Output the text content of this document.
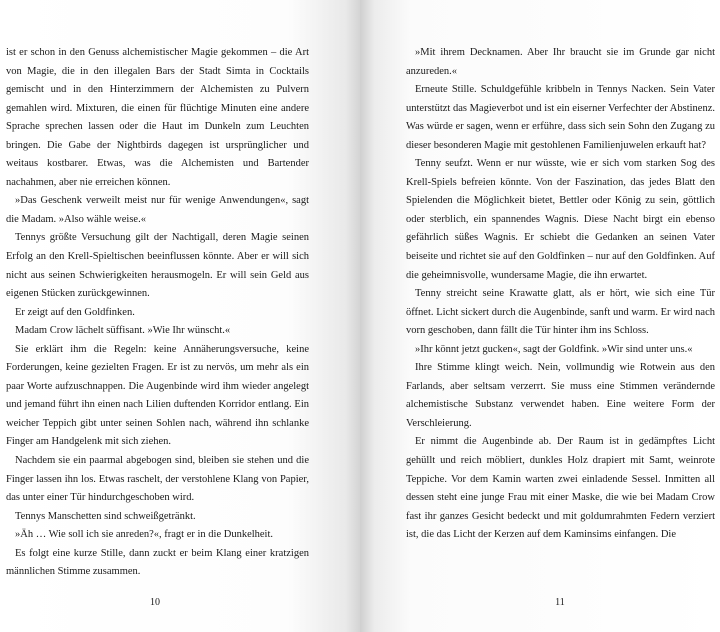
ist er schon in den Genuss alchemistischer Magie gekommen – die Art von Magie, die in den illegalen Bars der Stadt Simta in Cocktails gemischt und in den Hinterzimmern der Alchemisten zu Pulvern gemahlen wird. Mixturen, die einen für flüchtige Minuten eine andere Sprache sprechen lassen oder die Haut im Dunkeln zum Leuchten bringen. Die Gabe der Nightbirds dagegen ist ursprünglicher und weitaus kostbarer. Etwas, was die Alchemisten und Bartender nachahmen, aber nie erreichen können.

»Das Geschenk verweilt meist nur für wenige Anwendungen«, sagt die Madam. »Also wähle weise.«

Tennys größte Versuchung gilt der Nachtigall, deren Magie seinen Erfolg an den Krell-Spieltischen beeinflussen könnte. Aber er will sich nicht aus seinen Schwierigkeiten herausmogeln. Er will sein Geld aus eigenen Stücken zurückgewinnen.

Er zeigt auf den Goldfinken.

Madam Crow lächelt süffisant. »Wie Ihr wünscht.«

Sie erklärt ihm die Regeln: keine Annäherungsversuche, keine Forderungen, keine gezielten Fragen. Er ist zu nervös, um mehr als ein paar Worte aufzuschnappen. Die Augenbinde wird ihm wieder angelegt und jemand führt ihn einen nach Lilien duftenden Korridor entlang. Ein weicher Teppich gibt unter seinen Sohlen nach, während ihn schlanke Finger am Handgelenk mit sich ziehen.

Nachdem sie ein paarmal abgebogen sind, bleiben sie stehen und die Finger lassen ihn los. Etwas raschelt, der verstohlene Klang von Papier, das unter einer Tür hindurchgeschoben wird.

Tennys Manschetten sind schweißgetränkt.

»Äh … Wie soll ich sie anreden?«, fragt er in die Dunkelheit.

Es folgt eine kurze Stille, dann zuckt er beim Klang einer kratzigen männlichen Stimme zusammen.

10

»Mit ihrem Decknamen. Aber Ihr braucht sie im Grunde gar nicht anzureden.«

Erneute Stille. Schuldgefühle kribbeln in Tennys Nacken. Sein Vater unterstützt das Magieverbot und ist ein eiserner Verfechter der Abstinenz. Was würde er sagen, wenn er erführe, dass sich sein Sohn den Zugang zu dieser besonderen Magie mit gestohlenen Familienjuwelen erkauft hat?

Tenny seufzt. Wenn er nur wüsste, wie er sich vom starken Sog des Krell-Spiels befreien könnte. Von der Faszination, das jedes Blatt den Spielenden die Möglichkeit bietet, Bettler oder König zu sein, göttlich oder sterblich, ein spannendes Wagnis. Diese Nacht birgt ein ebenso gefährlich süßes Wagnis. Er schiebt die Gedanken an seinen Vater beiseite und richtet sie auf den Goldfinken – nur auf den Goldfinken. Auf die geheimnisvolle, wundersame Magie, die ihn erwartet.

Tenny streicht seine Krawatte glatt, als er hört, wie sich eine Tür öffnet. Licht sickert durch die Augenbinde, sanft und warm. Er wird nach vorn geschoben, dann fällt die Tür hinter ihm ins Schloss.

»Ihr könnt jetzt gucken«, sagt der Goldfink. »Wir sind unter uns.«

Ihre Stimme klingt weich. Nein, vollmundig wie Rotwein aus den Farlands, aber seltsam verzerrt. Sie muss eine Stimmen verändernde alchemistische Substanz verwendet haben. Eine weitere Form der Verschleierung.

Er nimmt die Augenbinde ab. Der Raum ist in gedämpftes Licht gehüllt und reich möbliert, dunkles Holz drapiert mit Samt, weinrote Teppiche. Vor dem Kamin warten zwei einladende Sessel. Inmitten all dessen steht eine junge Frau mit einer Maske, die wie bei Madam Crow fast ihr ganzes Gesicht bedeckt und mit goldumrahmten Federn verziert ist, die das Licht der Kerzen auf dem Kaminsims einfangen. Die

11
